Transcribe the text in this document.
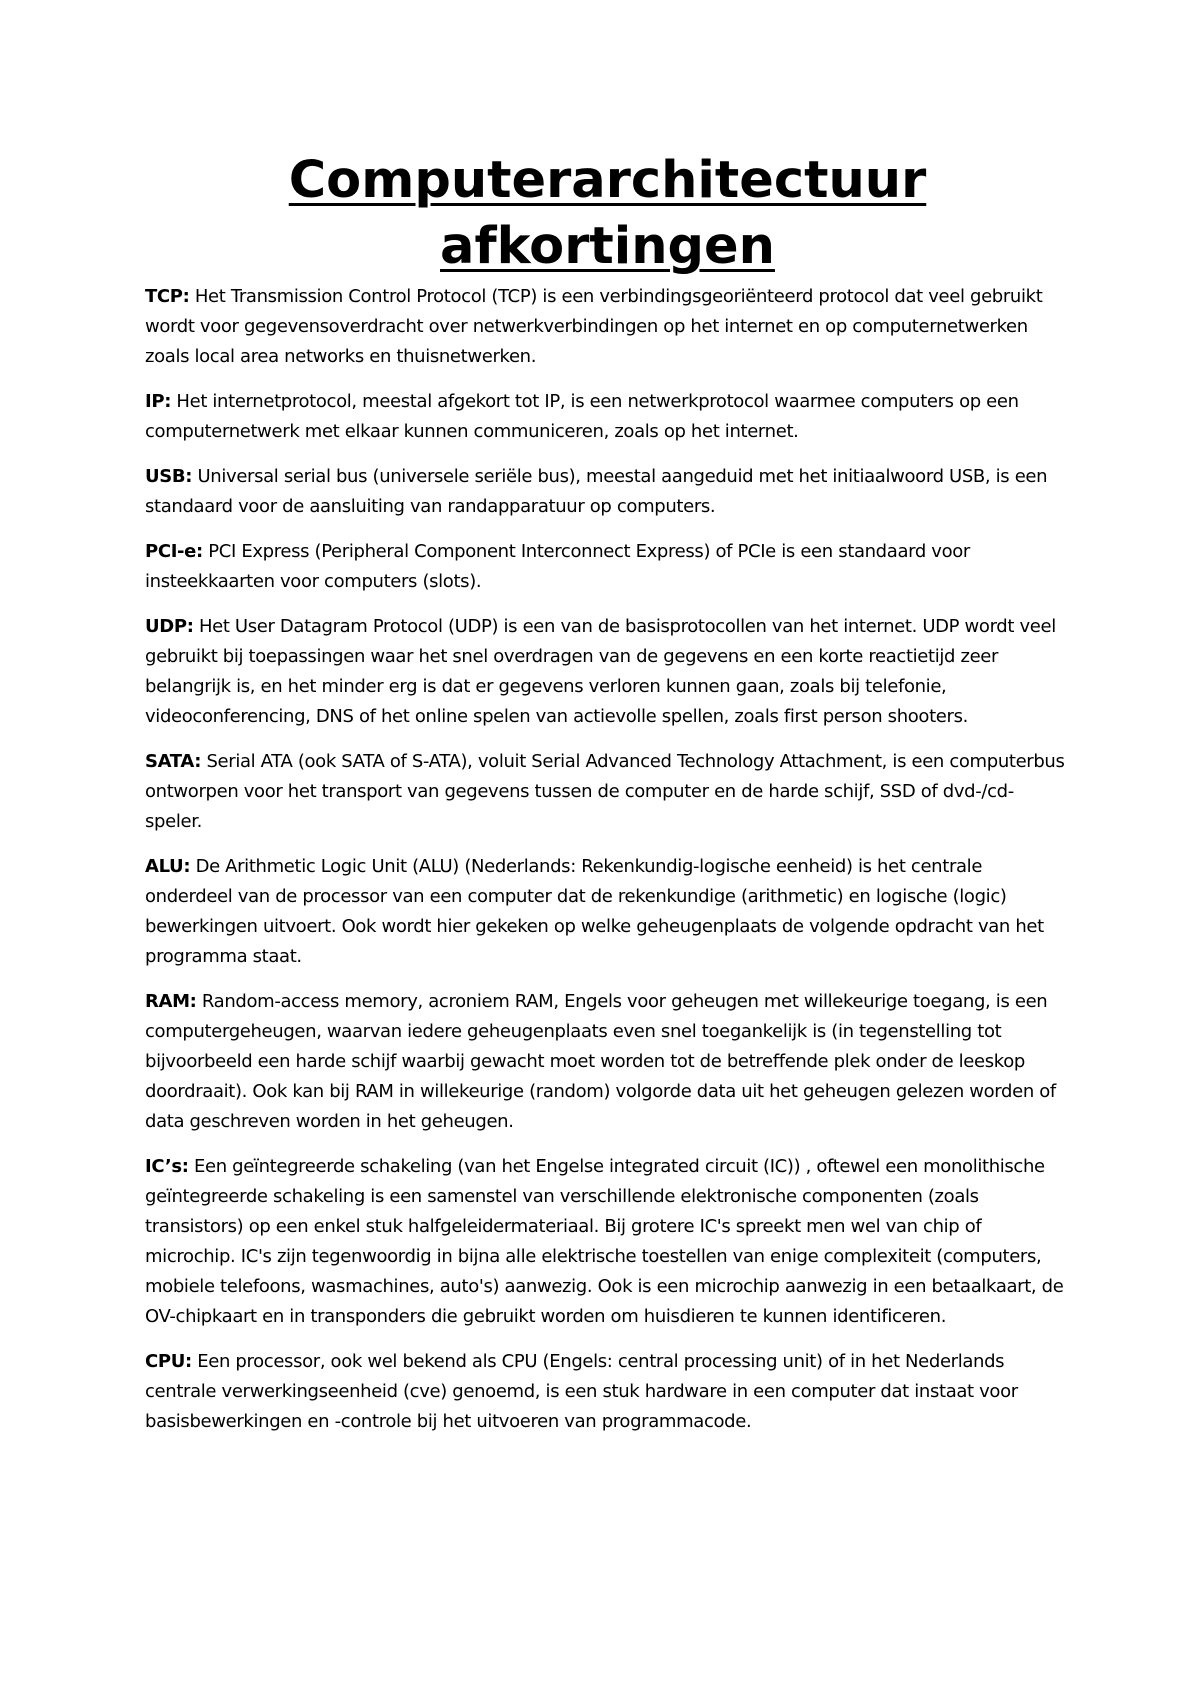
Computerarchitectuur
afkortingen

TCP: Het Transmission Control Protocol (TCP) is een verbindingsgeoriënteerd protocol dat veel gebruikt wordt voor gegevensoverdracht over netwerkverbindingen op het internet en op computernetwerken zoals local area networks en thuisnetwerken.

IP: Het internetprotocol, meestal afgekort tot IP, is een netwerkprotocol waarmee computers op een computernetwerk met elkaar kunnen communiceren, zoals op het internet.

USB: Universal serial bus (universele seriële bus), meestal aangeduid met het initiaalwoord USB, is een standaard voor de aansluiting van randapparatuur op computers.

PCI-e: PCI Express (Peripheral Component Interconnect Express) of PCIe is een standaard voor insteekkaarten voor computers (slots).

UDP: Het User Datagram Protocol (UDP) is een van de basisprotocollen van het internet. UDP wordt veel gebruikt bij toepassingen waar het snel overdragen van de gegevens en een korte reactietijd zeer belangrijk is, en het minder erg is dat er gegevens verloren kunnen gaan, zoals bij telefonie, videoconferencing, DNS of het online spelen van actievolle spellen, zoals first person shooters.

SATA: Serial ATA (ook SATA of S-ATA), voluit Serial Advanced Technology Attachment, is een computerbus ontworpen voor het transport van gegevens tussen de computer en de harde schijf, SSD of dvd-/cd-speler.

ALU: De Arithmetic Logic Unit (ALU) (Nederlands: Rekenkundig-logische eenheid) is het centrale onderdeel van de processor van een computer dat de rekenkundige (arithmetic) en logische (logic) bewerkingen uitvoert. Ook wordt hier gekeken op welke geheugenplaats de volgende opdracht van het programma staat.

RAM: Random-access memory, acroniem RAM, Engels voor geheugen met willekeurige toegang, is een computergeheugen, waarvan iedere geheugenplaats even snel toegankelijk is (in tegenstelling tot bijvoorbeeld een harde schijf waarbij gewacht moet worden tot de betreffende plek onder de leeskop doordraait). Ook kan bij RAM in willekeurige (random) volgorde data uit het geheugen gelezen worden of data geschreven worden in het geheugen.

IC’s: Een geïntegreerde schakeling (van het Engelse integrated circuit (IC)) , oftewel een monolithische geïntegreerde schakeling is een samenstel van verschillende elektronische componenten (zoals transistors) op een enkel stuk halfgeleidermateriaal. Bij grotere IC's spreekt men wel van chip of microchip. IC's zijn tegenwoordig in bijna alle elektrische toestellen van enige complexiteit (computers, mobiele telefoons, wasmachines, auto's) aanwezig. Ook is een microchip aanwezig in een betaalkaart, de OV-chipkaart en in transponders die gebruikt worden om huisdieren te kunnen identificeren.

CPU: Een processor, ook wel bekend als CPU (Engels: central processing unit) of in het Nederlands centrale verwerkingseenheid (cve) genoemd, is een stuk hardware in een computer dat instaat voor basisbewerkingen en -controle bij het uitvoeren van programmacode.
